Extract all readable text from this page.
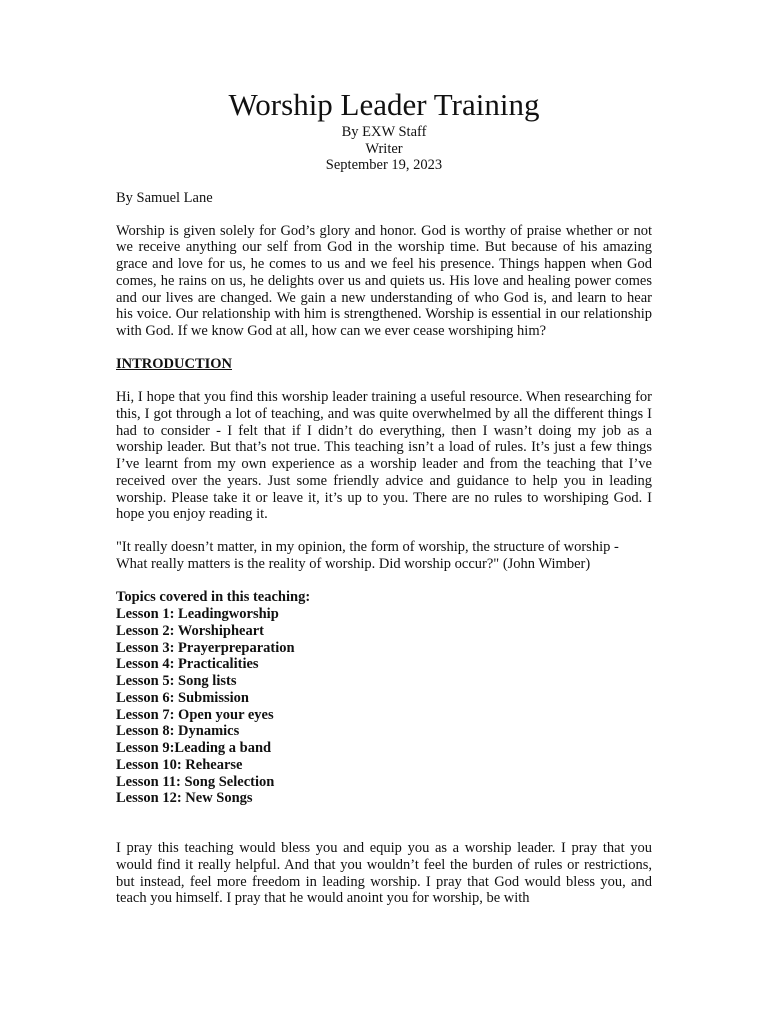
Worship Leader Training
By EXW Staff
Writer
September 19, 2023
By Samuel Lane

Worship is given solely for God’s glory and honor. God is worthy of praise whether or not we receive anything our self from God in the worship time. But because of his amazing grace and love for us, he comes to us and we feel his presence. Things happen when God comes, he rains on us, he delights over us and quiets us. His love and healing power comes and our lives are changed. We gain a new understanding of who God is, and learn to hear his voice. Our relationship with him is strengthened. Worship is essential in our relationship with God. If we know God at all, how can we ever cease worshiping him?

INTRODUCTION

Hi, I hope that you find this worship leader training a useful resource. When researching for this, I got through a lot of teaching, and was quite overwhelmed by all the different things I had to consider - I felt that if I didn’t do everything, then I wasn’t doing my job as a worship leader. But that’s not true. This teaching isn’t a load of rules. It’s just a few things I’ve learnt from my own experience as a worship leader and from the teaching that I’ve received over the years. Just some friendly advice and guidance to help you in leading worship. Please take it or leave it, it’s up to you. There are no rules to worshiping God. I hope you enjoy reading it.

"It really doesn’t matter, in my opinion, the form of worship, the structure of worship - What really matters is the reality of worship. Did worship occur?" (John Wimber)
Topics covered in this teaching:
Lesson 1: Leadingworship
Lesson 2: Worshipheart
Lesson 3: Prayerpreparation
Lesson 4: Practicalities
Lesson 5: Song lists
Lesson 6: Submission
Lesson 7: Open your eyes
Lesson 8: Dynamics
Lesson 9:Leading a band
Lesson 10: Rehearse
Lesson 11: Song Selection
Lesson 12: New Songs

I pray this teaching would bless you and equip you as a worship leader. I pray that you would find it really helpful. And that you wouldn’t feel the burden of rules or restrictions, but instead, feel more freedom in leading worship. I pray that God would bless you, and teach you himself. I pray that he would anoint you for worship, be with
